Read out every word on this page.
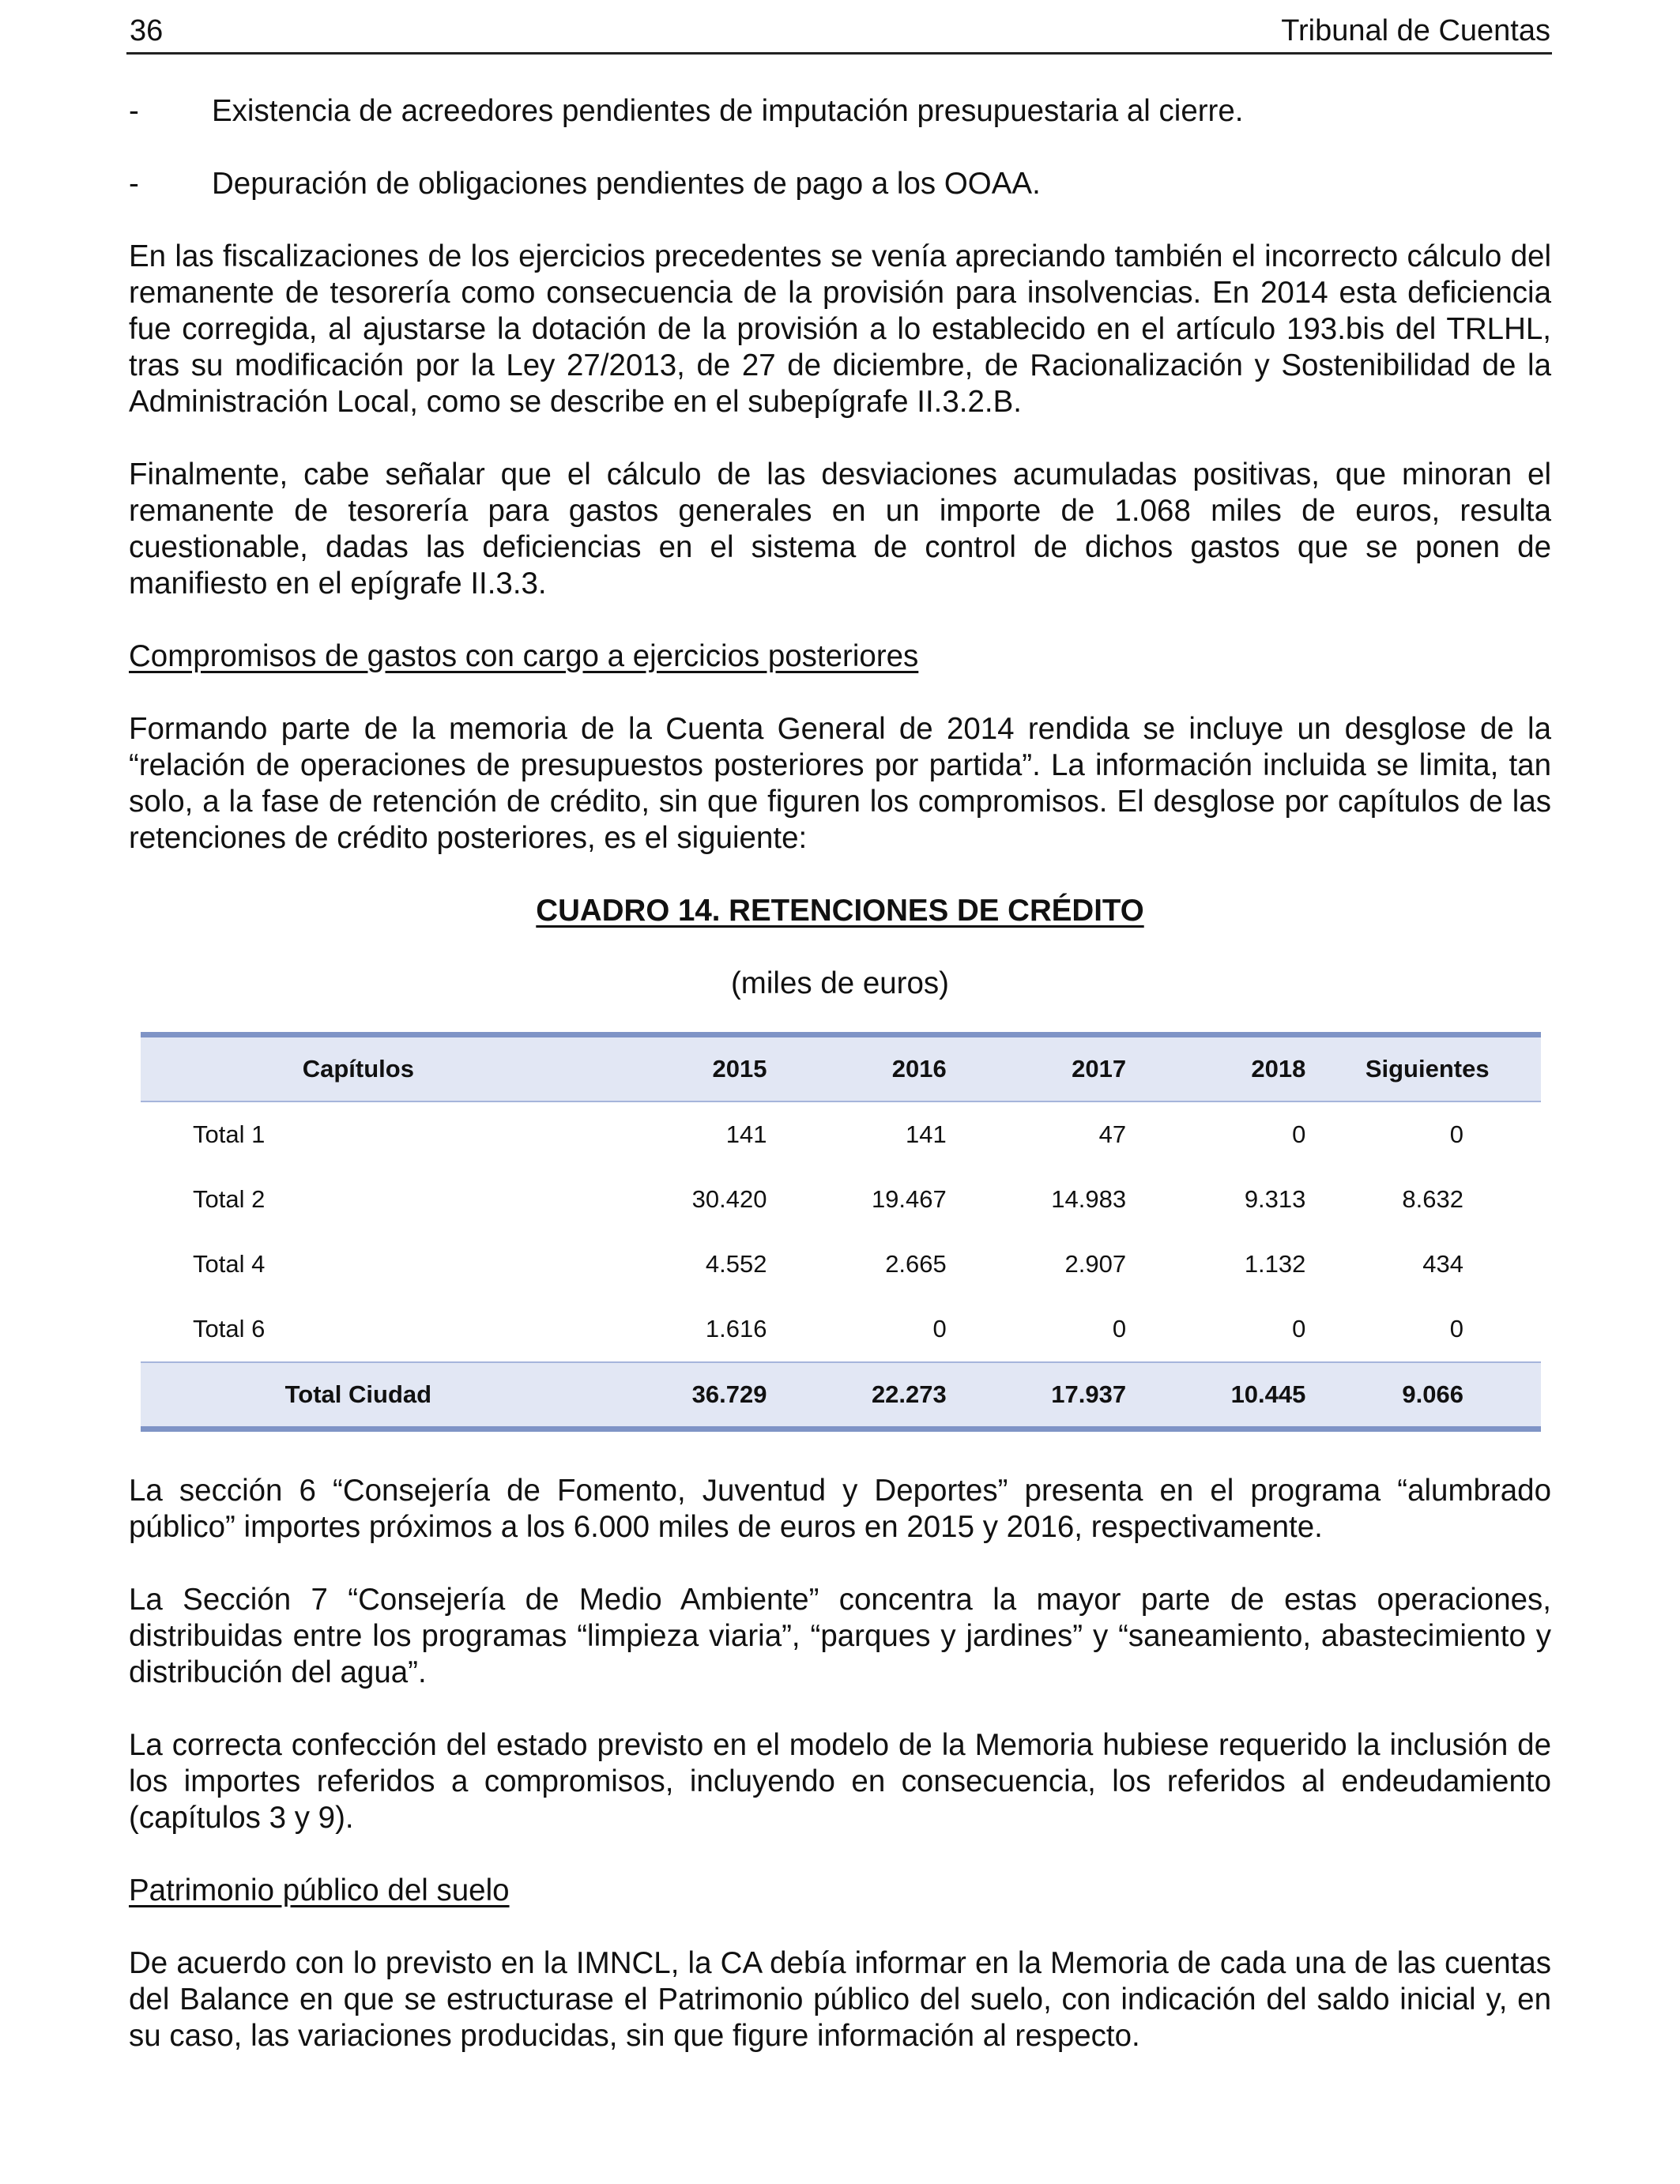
36	Tribunal de Cuentas
-	Existencia de acreedores pendientes de imputación presupuestaria al cierre.
-	Depuración de obligaciones pendientes de pago a los OOAA.

En las fiscalizaciones de los ejercicios precedentes se venía apreciando también el incorrecto cálculo del remanente de tesorería como consecuencia de la provisión para insolvencias. En 2014 esta deficiencia fue corregida, al ajustarse la dotación de la provisión a lo establecido en el artículo 193.bis del TRLHL, tras su modificación por la Ley 27/2013, de 27 de diciembre, de Racionalización y Sostenibilidad de la Administración Local, como se describe en el subepígrafe II.3.2.B.

Finalmente, cabe señalar que el cálculo de las desviaciones acumuladas positivas, que minoran el remanente de tesorería para gastos generales en un importe de 1.068 miles de euros, resulta cuestionable, dadas las deficiencias en el sistema de control de dichos gastos que se ponen de manifiesto en el epígrafe II.3.3.

Compromisos de gastos con cargo a ejercicios posteriores

Formando parte de la memoria de la Cuenta General de 2014 rendida se incluye un desglose de la “relación de operaciones de presupuestos posteriores por partida”. La información incluida se limita, tan solo, a la fase de retención de crédito, sin que figuren los compromisos. El desglose por capítulos de las retenciones de crédito posteriores, es el siguiente:

CUADRO 14. RETENCIONES DE CRÉDITO

(miles de euros)

Capítulos	2015	2016	2017	2018	Siguientes
Total 1	141	141	47	0	0
Total 2	30.420	19.467	14.983	9.313	8.632
Total 4	4.552	2.665	2.907	1.132	434
Total 6	1.616	0	0	0	0
Total Ciudad	36.729	22.273	17.937	10.445	9.066

La sección 6 “Consejería de Fomento, Juventud y Deportes” presenta en el programa “alumbrado público” importes próximos a los 6.000 miles de euros en 2015 y 2016, respectivamente.

La Sección 7 “Consejería de Medio Ambiente” concentra la mayor parte de estas operaciones, distribuidas entre los programas “limpieza viaria”, “parques y jardines” y “saneamiento, abastecimiento y distribución del agua”.

La correcta confección del estado previsto en el modelo de la Memoria hubiese requerido la inclusión de los importes referidos a compromisos, incluyendo en consecuencia, los referidos al endeudamiento (capítulos 3 y 9).

Patrimonio público del suelo

De acuerdo con lo previsto en la IMNCL, la CA debía informar en la Memoria de cada una de las cuentas del Balance en que se estructurase el Patrimonio público del suelo, con indicación del saldo inicial y, en su caso, las variaciones producidas, sin que figure información al respecto.
